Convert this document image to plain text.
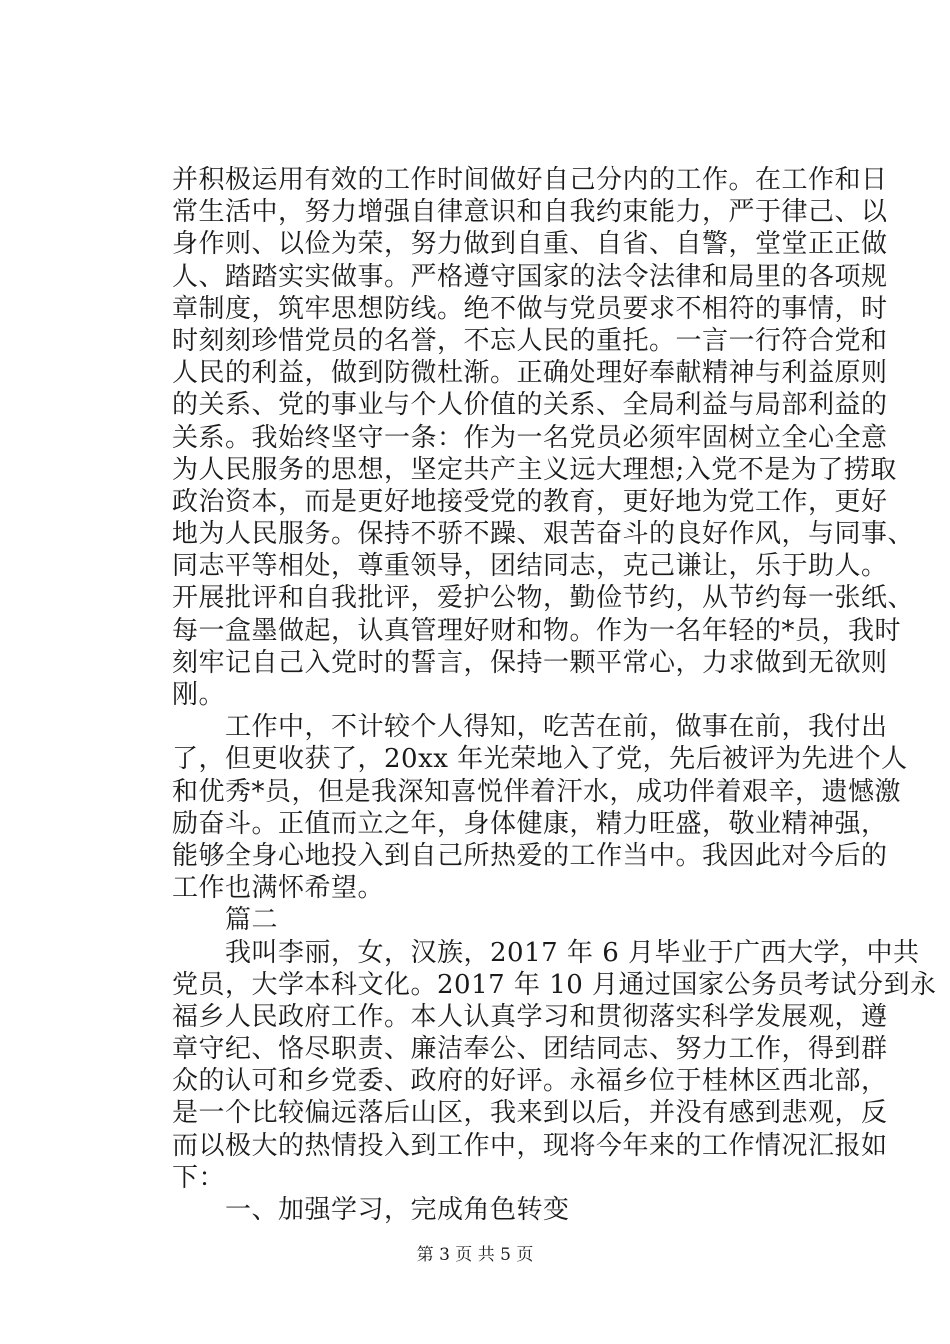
并积极运用有效的工作时间做好自己分内的工作。在工作和日
常生活中，努力增强自律意识和自我约束能力，严于律己、以
身作则、以俭为荣，努力做到自重、自省、自警，堂堂正正做
人、踏踏实实做事。严格遵守国家的法令法律和局里的各项规
章制度，筑牢思想防线。绝不做与党员要求不相符的事情，时
时刻刻珍惜党员的名誉，不忘人民的重托。一言一行符合党和
人民的利益，做到防微杜渐。正确处理好奉献精神与利益原则
的关系、党的事业与个人价值的关系、全局利益与局部利益的
关系。我始终坚守一条：作为一名党员必须牢固树立全心全意
为人民服务的思想，坚定共产主义远大理想;入党不是为了捞取
政治资本，而是更好地接受党的教育，更好地为党工作，更好
地为人民服务。保持不骄不躁、艰苦奋斗的良好作风，与同事、
同志平等相处，尊重领导，团结同志，克己谦让，乐于助人。
开展批评和自我批评，爱护公物，勤俭节约，从节约每一张纸、
每一盒墨做起，认真管理好财和物。作为一名年轻的*员，我时
刻牢记自己入党时的誓言，保持一颗平常心，力求做到无欲则
刚。
　　工作中，不计较个人得知，吃苦在前，做事在前，我付出
了，但更收获了，20xx 年光荣地入了党，先后被评为先进个人
和优秀*员，但是我深知喜悦伴着汗水，成功伴着艰辛，遗憾激
励奋斗。正值而立之年，身体健康，精力旺盛，敬业精神强，
能够全身心地投入到自己所热爱的工作当中。我因此对今后的
工作也满怀希望。
　　篇二
　　我叫李丽，女，汉族，2017 年 6 月毕业于广西大学，中共
党员，大学本科文化。2017 年 10 月通过国家公务员考试分到永
福乡人民政府工作。本人认真学习和贯彻落实科学发展观，遵
章守纪、恪尽职责、廉洁奉公、团结同志、努力工作，得到群
众的认可和乡党委、政府的好评。永福乡位于桂林区西北部，
是一个比较偏远落后山区，我来到以后，并没有感到悲观，反
而以极大的热情投入到工作中，现将今年来的工作情况汇报如
下：
　　一、加强学习，完成角色转变
第 3 页 共 5 页
